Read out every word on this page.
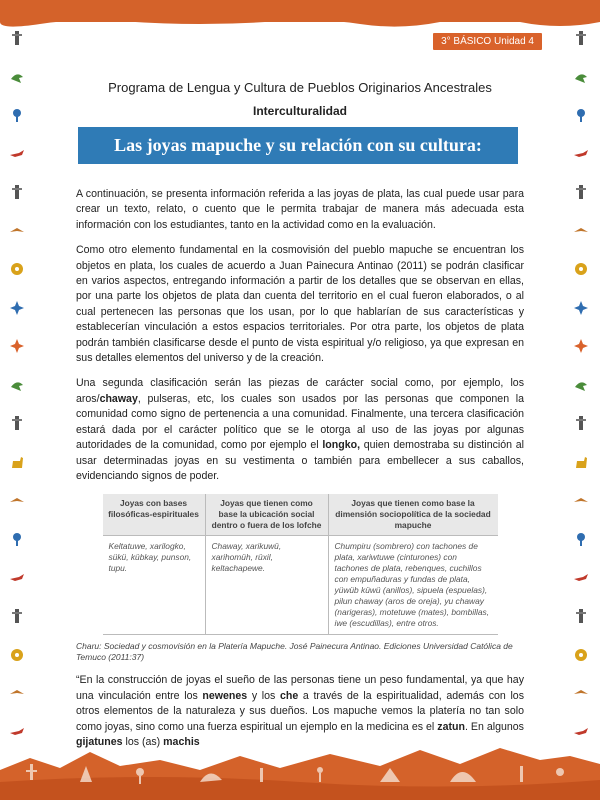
3° BÁSICO Unidad 4
Programa de Lengua y Cultura de Pueblos Originarios Ancestrales
Interculturalidad
Las joyas mapuche y su relación con su cultura:

A continuación, se presenta información referida a las joyas de plata, las cual puede usar para crear un texto, relato, o cuento que le permita trabajar de manera más adecuada esta información con los estudiantes, tanto en la actividad como en la evaluación.

Como otro elemento fundamental en la cosmovisión del pueblo mapuche se encuentran los objetos en plata, los cuales de acuerdo a Juan Painecura Antinao (2011) se podrán clasificar en varios aspectos, entregando información a partir de los detalles que se observan en ellas, por una parte los objetos de plata dan cuenta del territorio en el cual fueron elaborados, o al cual pertenecen las personas que los usan, por lo que hablarían de sus características y establecerían vinculación a estos espacios territoriales. Por otra parte, los objetos de plata podrán también clasificarse desde el punto de vista espiritual y/o religioso, ya que expresan en sus detalles elementos del universo y de la creación.

Una segunda clasificación serán las piezas de carácter social como, por ejemplo, los aros/chaway, pulseras, etc, los cuales son usados por las personas que componen la comunidad como signo de pertenencia a una comunidad. Finalmente, una tercera clasificación estará dada por el carácter político que se le otorga al uso de las joyas por algunas autoridades de la comunidad, como por ejemplo el longko, quien demostraba su distinción al usar determinadas joyas en su vestimenta o también para embellecer a sus caballos, evidenciando signos de poder.

Joyas con bases filosóficas-espirituales	Joyas que tienen como base la ubicación social dentro o fuera de los lofche	Joyas que tienen como base la dimensión sociopolítica de la sociedad mapuche
Keltatuwe, xarilogko, sükü, kübkay, punson, tupu.	Chaway, xarikuwü, xarihomüh, rüxil, keltachapewe.	Chumpiru (sombrero) con tachones de plata, xariwtuwe (cinturones) con tachones de plata, rebenques, cuchillos con empuñaduras y fundas de plata, yüwüb küwü (anillos), sipuela (espuelas), pilun chaway (aros de oreja), yu chaway (narigeras), motetuwe (mates), bombillas, iwe (escudillas), entre otros.
Charu: Sociedad y cosmovisión en la Platería Mapuche. José Painecura Antinao. Ediciones Universidad Católica de Temuco (2011:37)

“En la construcción de joyas el sueño de las personas tiene un peso fundamental, ya que hay una vinculación entre los newenes y los che a través de la espiritualidad, además con los otros elementos de la naturaleza y sus dueños. Los mapuche vemos la platería no tan solo como joyas, sino como una fuerza espiritual un ejemplo en la medicina es el zatun. En algunos gijatunes los (as) machis
